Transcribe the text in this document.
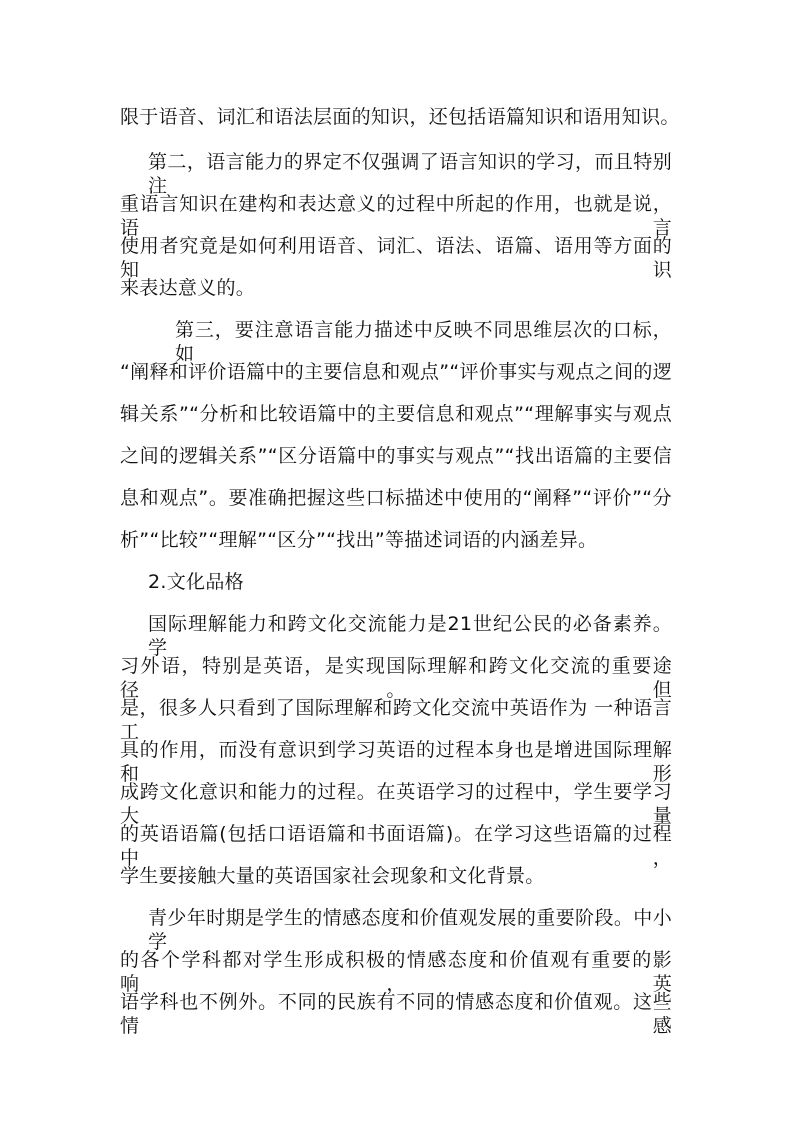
限于语音、词汇和语法层面的知识，还包括语篇知识和语用知识。
第二，语言能力的界定不仅强调了语言知识的学习，而且特别注
重语言知识在建构和表达意义的过程中所起的作用，也就是说，语言
使用者究竟是如何利用语音、词汇、语法、语篇、语用等方面的知识
来表达意义的。
第三，要注意语言能力描述中反映不同思维层次的口标，如
“阐释和评价语篇中的主要信息和观点”“评价事实与观点之间的逻
辑关系”“分析和比较语篇中的主要信息和观点”“理解事实与观点
之间的逻辑关系”“区分语篇中的事实与观点”“找出语篇的主要信
息和观点”。要准确把握这些口标描述中使用的“阐释”“评价”“分
析”“比较”“理解”“区分”“找出”等描述词语的内涵差异。
2.文化品格
国际理解能力和跨文化交流能力是21世纪公民的必备素养。学
习外语，特别是英语，是实现国际理解和跨文化交流的重要途径。但
是，很多人只看到了国际理解和跨文化交流中英语作为 一种语言工
具的作用，而没有意识到学习英语的过程本身也是增进国际理解和形
成跨文化意识和能力的过程。在英语学习的过程中，学生要学习大量
的英语语篇(包括口语语篇和书面语篇)。在学习这些语篇的过程中，
学生要接触大量的英语国家社会现象和文化背景。
青少年时期是学生的情感态度和价值观发展的重要阶段。中小学
的各个学科都对学生形成积极的情感态度和价值观有重要的影响，英
语学科也不例外。不同的民族有不同的情感态度和价值观。这些情感
